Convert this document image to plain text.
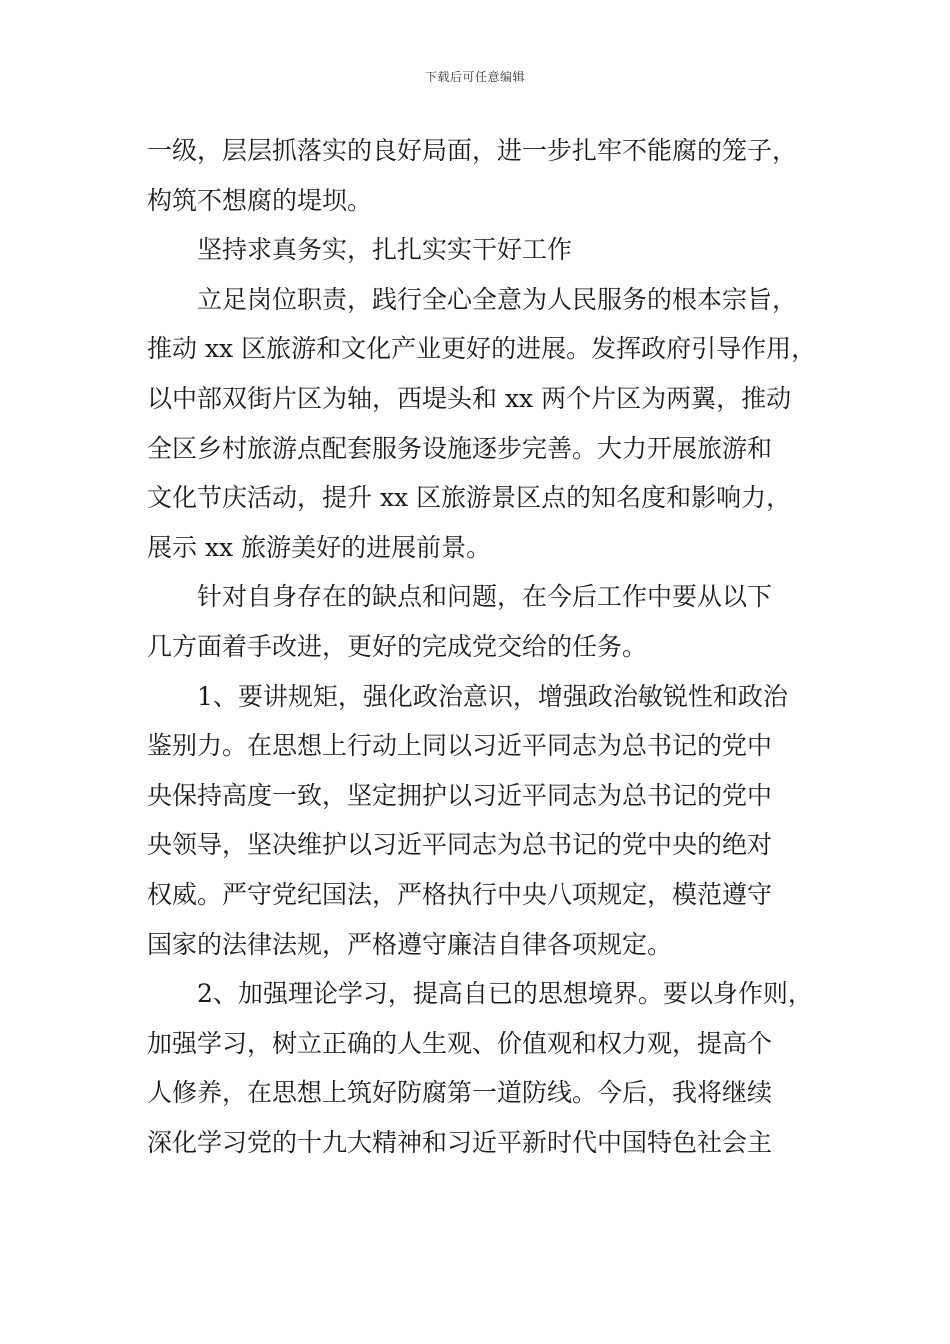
下载后可任意编辑
一级，层层抓落实的良好局面，进一步扎牢不能腐的笼子，
构筑不想腐的堤坝。
坚持求真务实，扎扎实实干好工作
立足岗位职责，践行全心全意为人民服务的根本宗旨，
推动 xx 区旅游和文化产业更好的进展。发挥政府引导作用，
以中部双街片区为轴，西堤头和 xx 两个片区为两翼，推动
全区乡村旅游点配套服务设施逐步完善。大力开展旅游和
文化节庆活动，提升 xx 区旅游景区点的知名度和影响力，
展示 xx 旅游美好的进展前景。
针对自身存在的缺点和问题，在今后工作中要从以下
几方面着手改进，更好的完成党交给的任务。
1、要讲规矩，强化政治意识，增强政治敏锐性和政治
鉴别力。在思想上行动上同以习近平同志为总书记的党中
央保持高度一致，坚定拥护以习近平同志为总书记的党中
央领导，坚决维护以习近平同志为总书记的党中央的绝对
权威。严守党纪国法，严格执行中央八项规定，模范遵守
国家的法律法规，严格遵守廉洁自律各项规定。
2、加强理论学习，提高自已的思想境界。要以身作则，
加强学习，树立正确的人生观、价值观和权力观，提高个
人修养，在思想上筑好防腐第一道防线。今后，我将继续
深化学习党的十九大精神和习近平新时代中国特色社会主
